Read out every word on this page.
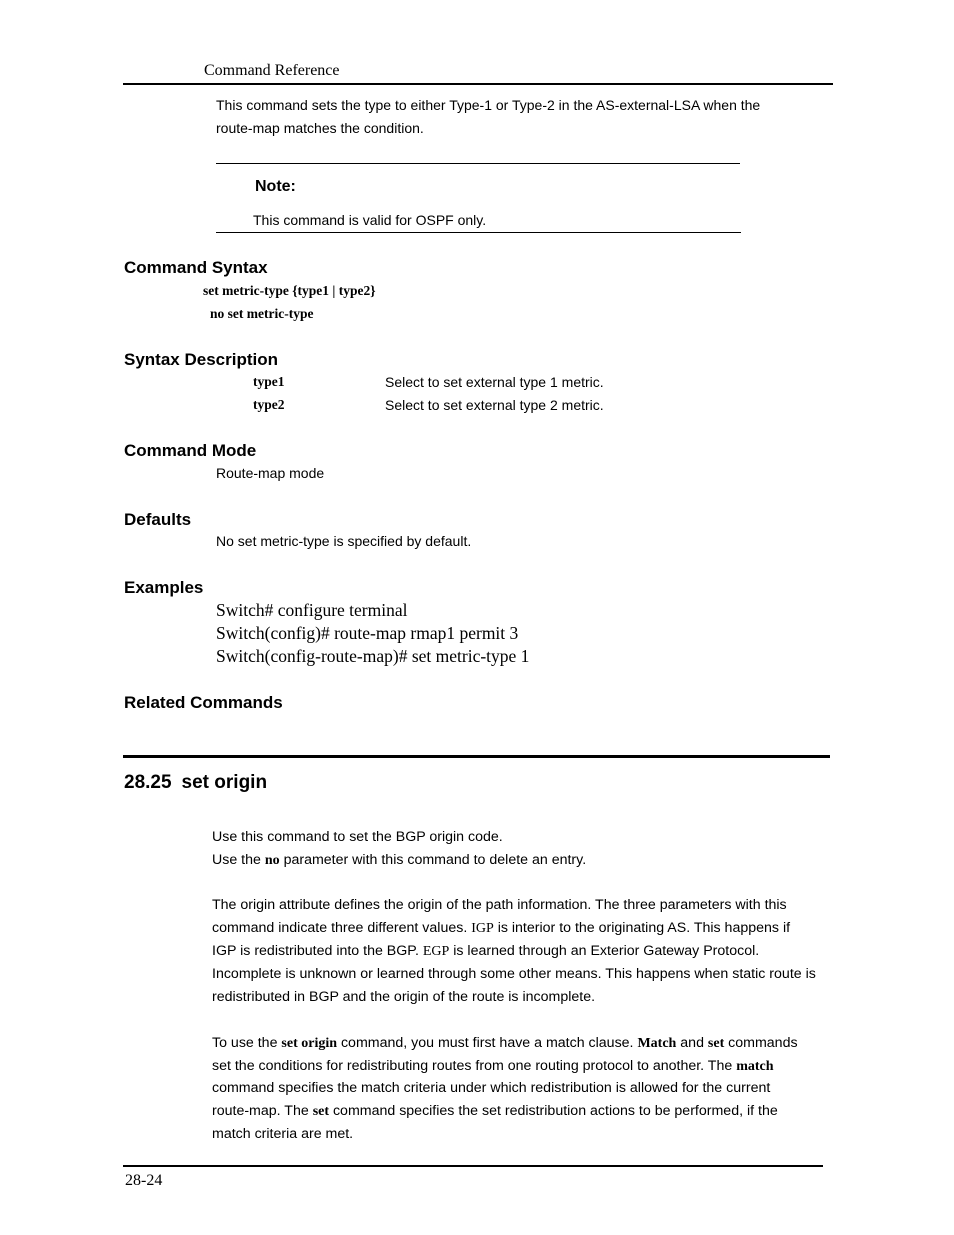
Command Reference
This command sets the type to either Type-1 or Type-2 in the AS-external-LSA when the
route-map matches the condition.
Note:
This command is valid for OSPF only.
Command Syntax
set metric-type {type1 | type2}
no set metric-type
Syntax Description
type1	Select to set external type 1 metric.
type2	Select to set external type 2 metric.
Command Mode
Route-map mode
Defaults
No set metric-type is specified by default.
Examples
Switch# configure terminal
Switch(config)# route-map rmap1 permit 3
Switch(config-route-map)# set metric-type 1
Related Commands
28.25 set origin
Use this command to set the BGP origin code.
Use the no parameter with this command to delete an entry.
The origin attribute defines the origin of the path information. The three parameters with this
command indicate three different values. IGP is interior to the originating AS. This happens if
IGP is redistributed into the BGP. EGP is learned through an Exterior Gateway Protocol.
Incomplete is unknown or learned through some other means. This happens when static route is
redistributed in BGP and the origin of the route is incomplete.
To use the set origin command, you must first have a match clause. Match and set commands
set the conditions for redistributing routes from one routing protocol to another. The match
command specifies the match criteria under which redistribution is allowed for the current
route-map. The set command specifies the set redistribution actions to be performed, if the
match criteria are met.
28-24
